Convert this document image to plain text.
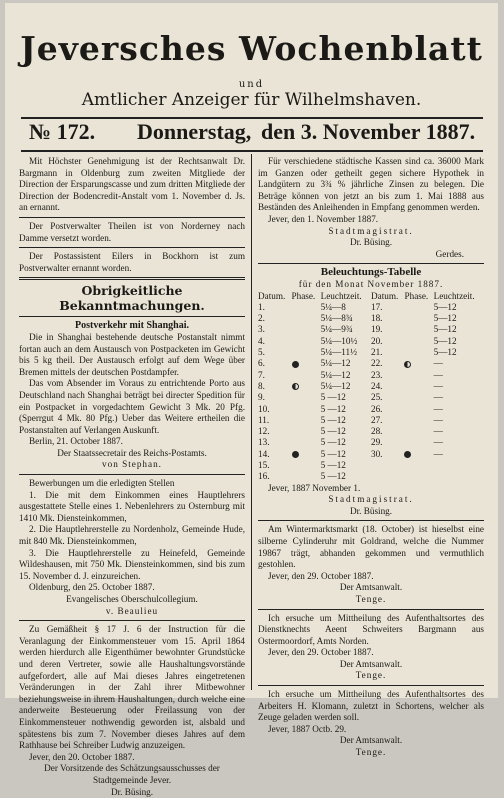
Jeversches Wochenblatt
und
Amtlicher Anzeiger für Wilhelmshaven.
№ 172. Donnerstag, den 3. November 1887.

Mit Höchster Genehmigung ist der Rechtsanwalt Dr. Bargmann in Oldenburg zum zweiten Mitgliede der Direction der Ersparungscasse und zum dritten Mitgliede der Direction der Bodencredit-Anstalt vom 1. November d. Js. an ernannt.

Der Postverwalter Theilen ist von Norderney nach Damme versetzt worden.

Der Postassistent Eilers in Bockhorn ist zum Postverwalter ernannt worden.

Obrigkeitliche Bekanntmachungen.

Postverkehr mit Shanghai.

Die in Shanghai bestehende deutsche Postanstalt nimmt fortan auch an dem Austausch von Postpacketen im Gewicht bis 5 kg theil. Der Austausch erfolgt auf dem Wege über Bremen mittels der deutschen Postdampfer.

Das vom Absender im Voraus zu entrichtende Porto aus Deutschland nach Shanghai beträgt bei directer Spedition für ein Postpacket in vorgedachtem Gewicht 3 Mk. 20 Pfg. (Sperrgut 4 Mk. 80 Pfg.) Ueber das Weitere ertheilen die Postanstalten auf Verlangen Auskunft.

Berlin, 21. October 1887.

Der Staatssecretair des Reichs-Postamts.

von Stephan.

Bewerbungen um die erledigten Stellen

1. Die mit dem Einkommen eines Hauptlehrers ausgestattete Stelle eines 1. Nebenlehrers zu Osternburg mit 1410 Mk. Diensteinkommen,

2. Die Hauptlehrerstelle zu Nordenholz, Gemeinde Hude, mit 840 Mk. Diensteinkommen,

3. Die Hauptlehrerstelle zu Heinefeld, Gemeinde Wildeshausen, mit 750 Mk. Diensteinkommen, sind bis zum 15. November d. J. einzureichen.

Oldenburg, den 25. October 1887.

Evangelisches Oberschulcollegium.

v. Beaulieu

Zu Gemäßheit § 17 J. 6 der Instruction für die Veranlagung der Einkommensteuer vom 15. April 1864 werden hierdurch alle Eigenthümer bewohnter Grundstücke und deren Vertreter, sowie alle Haushaltungsvorstände aufgefordert, alle auf Mai dieses Jahres eingetretenen Veränderungen in der Zahl ihrer Mitbewohner beziehungsweise in ihrem Haushaltungen, durch welche eine anderweite Besteuerung oder Freilassung von der Einkommensteuer nothwendig geworden ist, alsbald und spätestens bis zum 7. November dieses Jahres auf dem Rathhause bei Schreiber Ludwig anzuzeigen.

Jever, den 20. October 1887.

Der Vorsitzende des Schätzungsausschusses der Stadtgemeinde Jever.

Dr. Büsing.

Für verschiedene städtische Kassen sind ca. 36000 Mark im Ganzen oder getheilt gegen sichere Hypothek in Landgütern zu 3¾ % jährliche Zinsen zu belegen. Die Beträge können von jetzt an bis zum 1. Mai 1888 aus Beständen des Anleihenden in Empfang genommen werden.

Jever, den 1. November 1887.

Stadtmagistrat.

Dr. Büsing.

Gerdes.

Beleuchtungs-Tabelle

für den Monat November 1887.

Datum.	Phase.	Leuchtzeit.	Datum.	Phase.	Leuchtzeit.
1.		5¼—8	17.		5—12
2.		5¼—8¾	18.		5—12
3.		5¼—9¾	19.		5—12
4.		5¼—10½	20.		5—12
5.		5¼—11½	21.		5—12
6.		5¼—12	22.		—
7.		5¼—12	23.		—
8.		5¼—12	24.		—
9.		5 —12	25.		—
10.		5 —12	26.		—
11.		5 —12	27.		—
12.		5 —12	28.		—
13.		5 —12	29.		—
14.		5 —12	30.		—
15.		5 —12			
16.		5 —12			

Jever, 1887 November 1.

Stadtmagistrat.

Dr. Büsing.

Am Wintermarktsmarkt (18. October) ist hieselbst eine silberne Cylinderuhr mit Goldrand, welche die Nummer 19867 trägt, abhanden gekommen und vermuthlich gestohlen.

Jever, den 29. October 1887.

Der Amtsanwalt.

Tenge.

Ich ersuche um Mittheilung des Aufenthaltsortes des Dienstknechts Aeent Schweiters Bargmann aus Ostermoordorf, Amts Norden.

Jever, den 29. October 1887.

Der Amtsanwalt.

Tenge.

Ich ersuche um Mittheilung des Aufenthaltsortes des Arbeiters H. Klomann, zuletzt in Schortens, welcher als Zeuge geladen werden soll.

Jever, 1887 Octb. 29.

Der Amtsanwalt.

Tenge.
